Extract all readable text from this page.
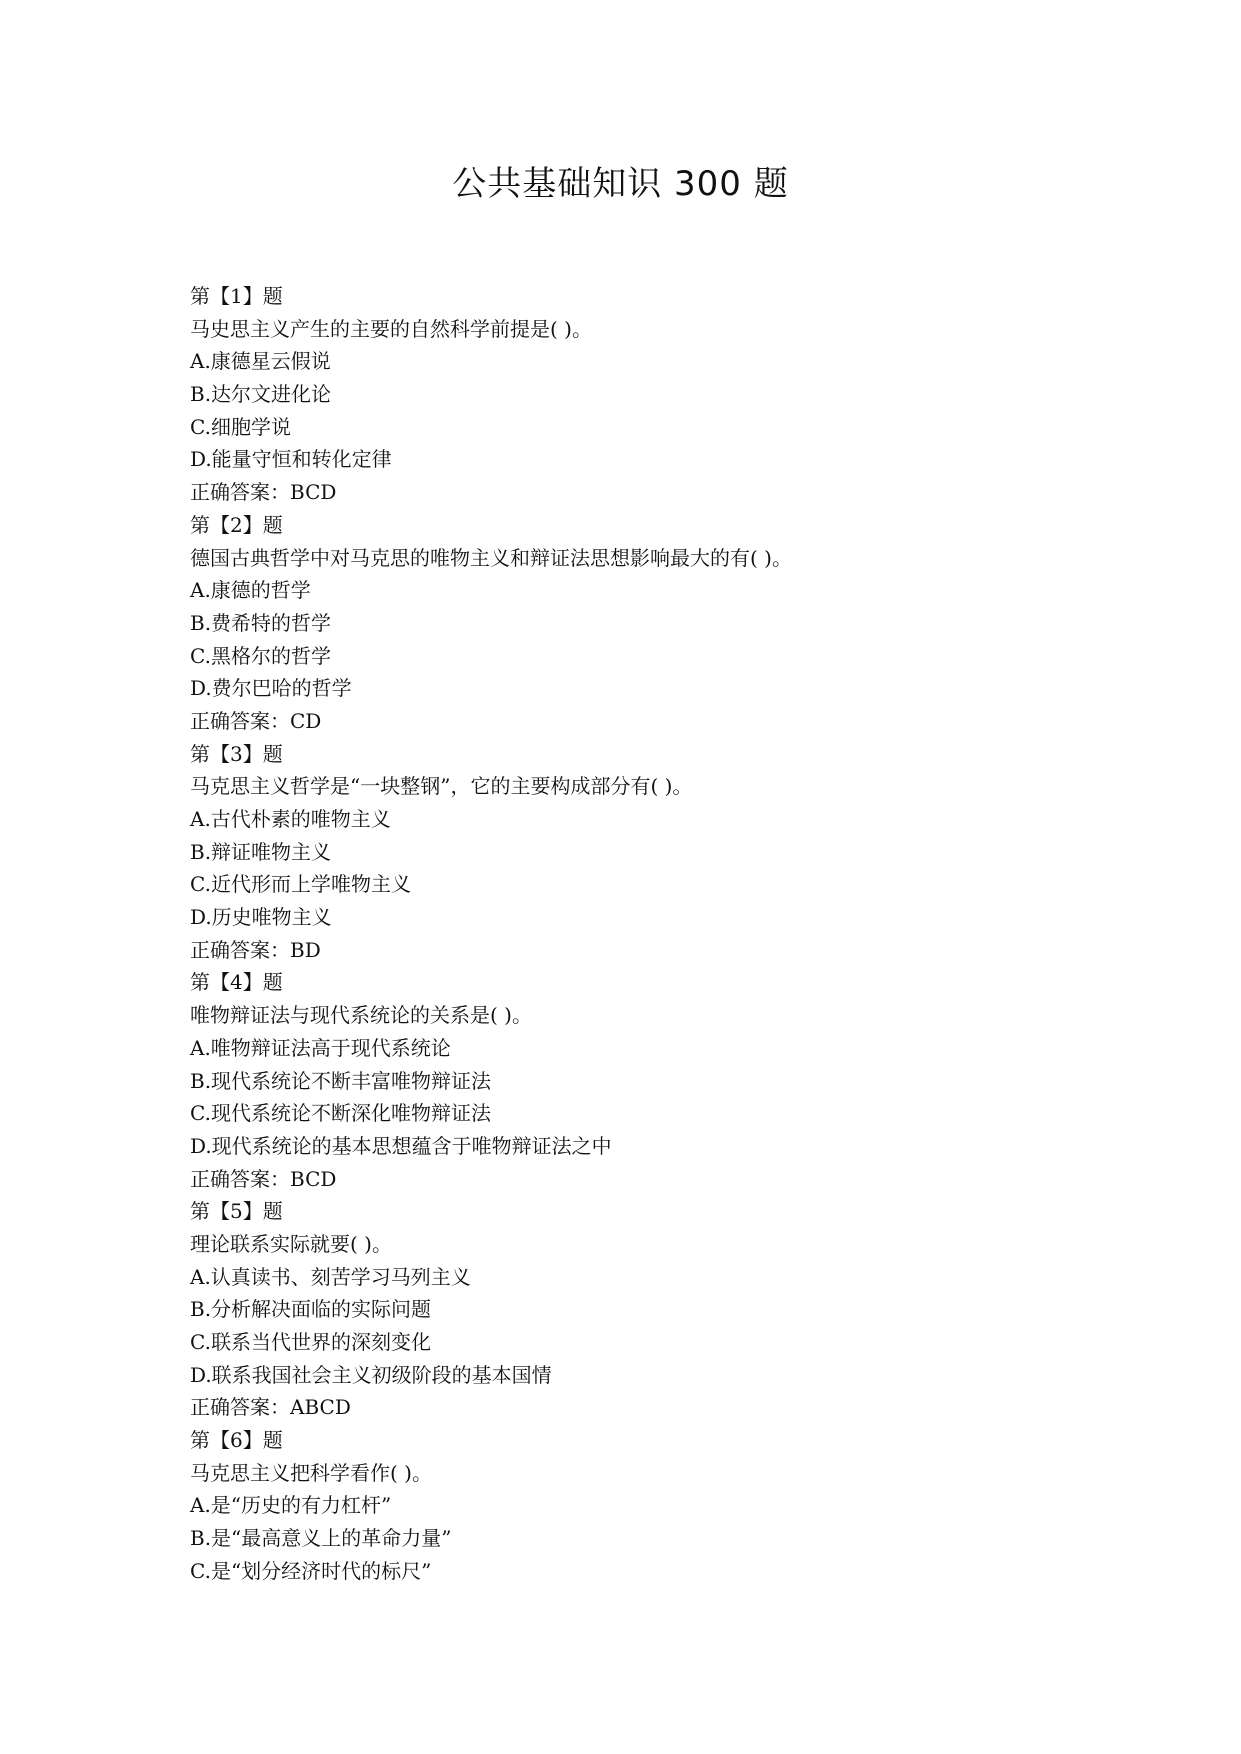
公共基础知识 300 题
第【1】题
马史思主义产生的主要的自然科学前提是( )。
A.康德星云假说
B.达尔文进化论
C.细胞学说
D.能量守恒和转化定律
正确答案：BCD
第【2】题
德国古典哲学中对马克思的唯物主义和辩证法思想影响最大的有( )。
A.康德的哲学
B.费希特的哲学
C.黑格尔的哲学
D.费尔巴哈的哲学
正确答案：CD
第【3】题
马克思主义哲学是“一块整钢”，它的主要构成部分有( )。
A.古代朴素的唯物主义
B.辩证唯物主义
C.近代形而上学唯物主义
D.历史唯物主义
正确答案：BD
第【4】题
唯物辩证法与现代系统论的关系是( )。
A.唯物辩证法高于现代系统论
B.现代系统论不断丰富唯物辩证法
C.现代系统论不断深化唯物辩证法
D.现代系统论的基本思想蕴含于唯物辩证法之中
正确答案：BCD
第【5】题
理论联系实际就要( )。
A.认真读书、刻苦学习马列主义
B.分析解决面临的实际问题
C.联系当代世界的深刻变化
D.联系我国社会主义初级阶段的基本国情
正确答案：ABCD
第【6】题
马克思主义把科学看作( )。
A.是“历史的有力杠杆”
B.是“最高意义上的革命力量”
C.是“划分经济时代的标尺”
